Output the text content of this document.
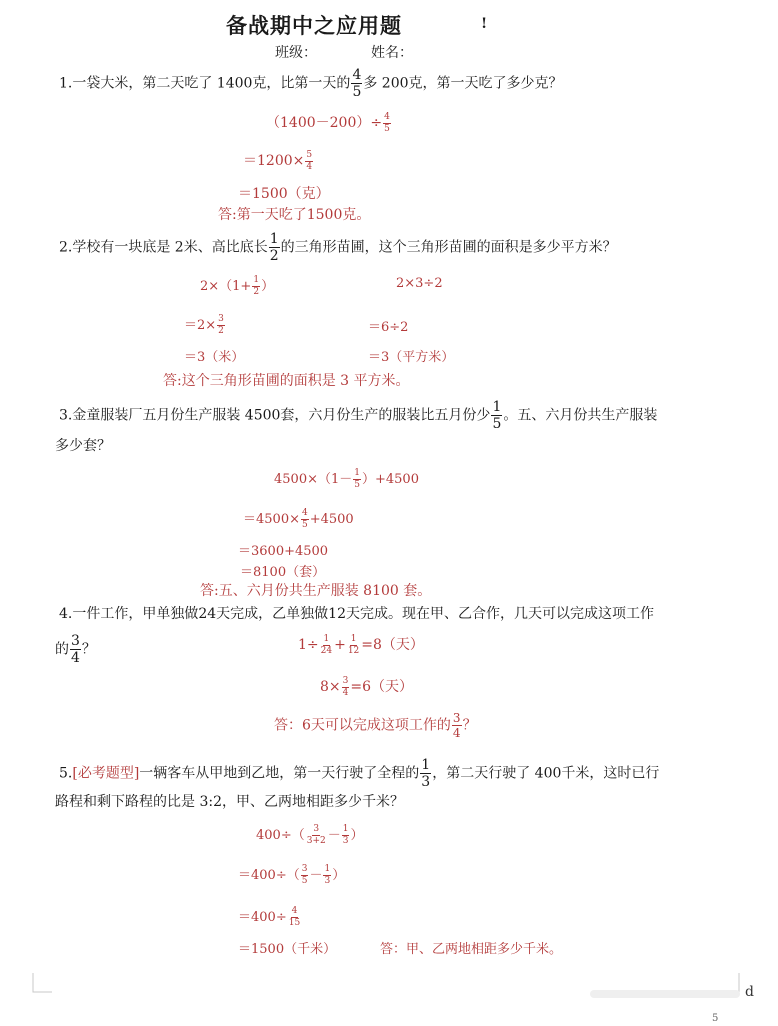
备战期中之应用题	!
班级：	姓名：
1.一袋大米，第二天吃了 1400克，比第一天的 $\frac{4}{5}$ 多 200克，第一天吃了多少克？
$(1400-200)\div \frac{4}{5}$
$=1200\times \frac{5}{4}$
＝1500（克）
答:第一天吃了1500克。
2.学校有一块底是 2米、高比底长 $\frac{1}{2}$ 的三角形苗圃，这个三角形苗圃的面积是多少平方米？
$2\times(1+ \frac{1}{2}$ ）
$=2\times \frac{3}{2}$
＝3（米）
2×3÷2
＝6÷2
＝3（平方米）
答:这个三角形苗圃的面积是 3 平方米。
3.金童服装厂五月份生产服装 4500套，六月份生产的服装比五月份少 $\frac{1}{5}$ 。五、六月份共生产服装
多少套？
$4500\times(1- \frac{1}{5} )+4500$
$=4500\times \frac{4}{5} +4500$
＝3600+4500
＝8100（套）
答:五、六月份共生产服装 8100 套。
4.一件工作，甲单独做24天完成，乙单独做12天完成。现在甲、乙合作，几天可以完成这项工作
的 $\frac{3}{4}$ ？	$1\div \frac{1}{24} + \frac{1}{12} =8$（天）
$8\times \frac{3}{4} =6$（天）
答：6天可以完成这项工作的 $\frac{3}{4}$ ？
5.[必考题型]一辆客车从甲地到乙地，第一天行驶了全程的 $\frac{1}{3}$ ，第二天行驶了 400千米，这时已行
路程和剩下路程的比是 3:2，甲、乙两地相距多少千米？
$400\div( \frac{3}{3+2} - \frac{1}{3}$ ）
$=400\div( \frac{3}{5} - \frac{1}{3}$ ）
$=400\div \frac{4}{15}$
＝1500（千米）	答：甲、乙两地相距多少千米。
d
5
